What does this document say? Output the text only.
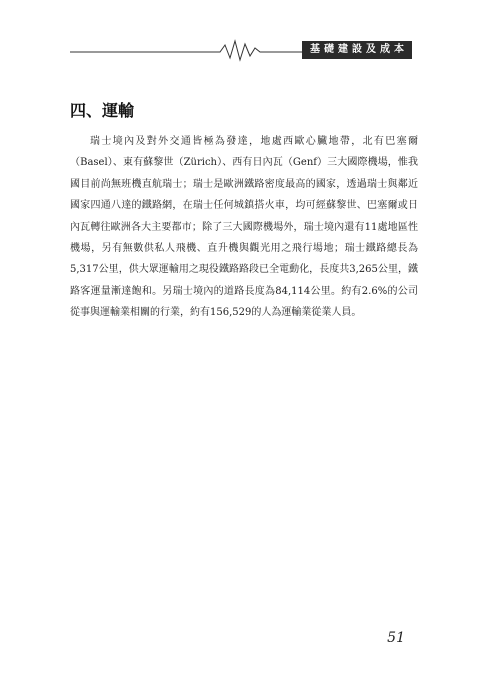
基礎建設及成本
四、運輸

瑞士境內及對外交通皆極為發達，地處西歐心臟地帶，北有巴塞爾（Basel）、東有蘇黎世（Zürich）、西有日內瓦（Genf）三大國際機場，惟我國目前尚無班機直航瑞士；瑞士是歐洲鐵路密度最高的國家，透過瑞士與鄰近國家四通八達的鐵路網，在瑞士任何城鎮搭火車，均可經蘇黎世、巴塞爾或日內瓦轉往歐洲各大主要都市；除了三大國際機場外，瑞士境內還有11處地區性機場，另有無數供私人飛機、直升機與觀光用之飛行場地；瑞士鐵路總長為5,317公里，供大眾運輸用之現役鐵路路段已全電動化，長度共3,265公里，鐵路客運量漸達飽和。另瑞士境內的道路長度為84,114公里。約有2.6%的公司從事與運輸業相關的行業，約有156,529的人為運輸業從業人員。

51
